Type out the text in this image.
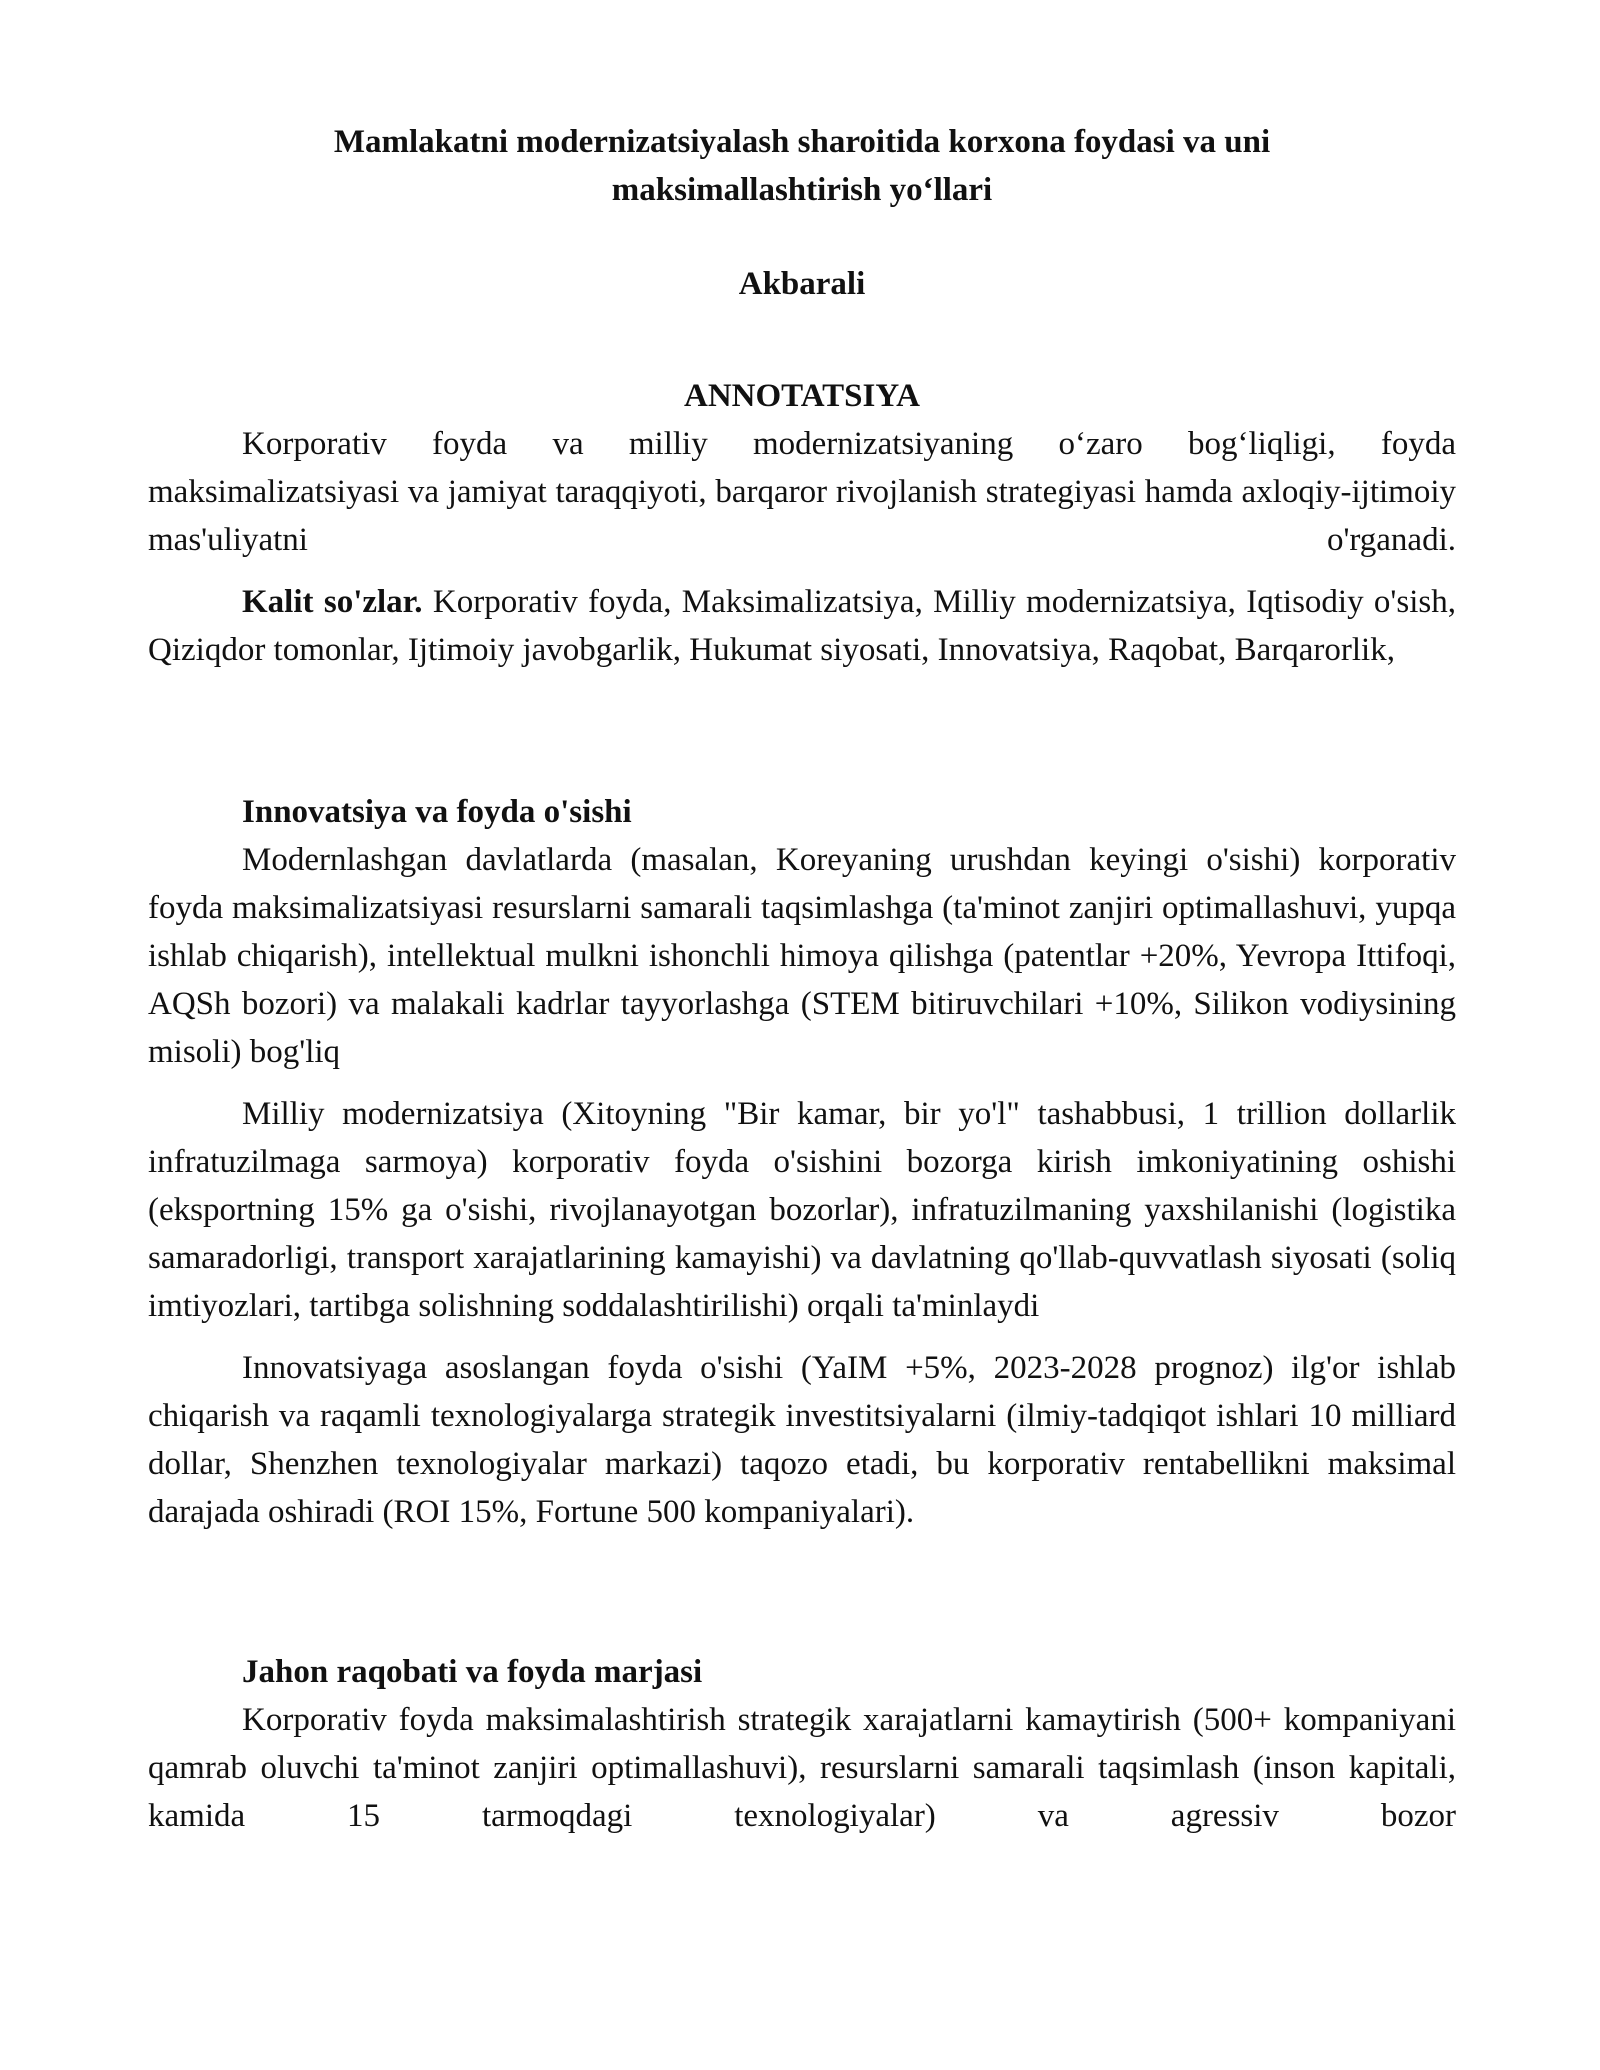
Mamlakatni modernizatsiyalash sharoitida korxona foydasi va uni
maksimallashtirish yo‘llari
Akbarali
ANNOTATSIYA

Korporativ foyda va milliy modernizatsiyaning o‘zaro bog‘liqligi, foyda maksimalizatsiyasi va jamiyat taraqqiyoti, barqaror rivojlanish strategiyasi hamda axloqiy-ijtimoiy mas'uliyatni o'rganadi.

Kalit so'zlar. Korporativ foyda, Maksimalizatsiya, Milliy modernizatsiya, Iqtisodiy o'sish, Qiziqdor tomonlar, Ijtimoiy javobgarlik, Hukumat siyosati, Innovatsiya, Raqobat, Barqarorlik,

Innovatsiya va foyda o'sishi

Modernlashgan davlatlarda (masalan, Koreyaning urushdan keyingi o'sishi) korporativ foyda maksimalizatsiyasi resurslarni samarali taqsimlashga (ta'minot zanjiri optimallashuvi, yupqa ishlab chiqarish), intellektual mulkni ishonchli himoya qilishga (patentlar +20%, Yevropa Ittifoqi, AQSh bozori) va malakali kadrlar tayyorlashga (STEM bitiruvchilari +10%, Silikon vodiysining misoli) bog'liq

Milliy modernizatsiya (Xitoyning "Bir kamar, bir yo'l" tashabbusi, 1 trillion dollarlik infratuzilmaga sarmoya) korporativ foyda o'sishini bozorga kirish imkoniyatining oshishi (eksportning 15% ga o'sishi, rivojlanayotgan bozorlar), infratuzilmaning yaxshilanishi (logistika samaradorligi, transport xarajatlarining kamayishi) va davlatning qo'llab-quvvatlash siyosati (soliq imtiyozlari, tartibga solishning soddalashtirilishi) orqali ta'minlaydi

Innovatsiyaga asoslangan foyda o'sishi (YaIM +5%, 2023-2028 prognoz) ilg'or ishlab chiqarish va raqamli texnologiyalarga strategik investitsiyalarni (ilmiy-tadqiqot ishlari 10 milliard dollar, Shenzhen texnologiyalar markazi) taqozo etadi, bu korporativ rentabellikni maksimal darajada oshiradi (ROI 15%, Fortune 500 kompaniyalari).

Jahon raqobati va foyda marjasi

Korporativ foyda maksimalashtirish strategik xarajatlarni kamaytirish (500+ kompaniyani qamrab oluvchi ta'minot zanjiri optimallashuvi), resurslarni samarali taqsimlash (inson kapitali, kamida 15 tarmoqdagi texnologiyalar) va agressiv bozor
